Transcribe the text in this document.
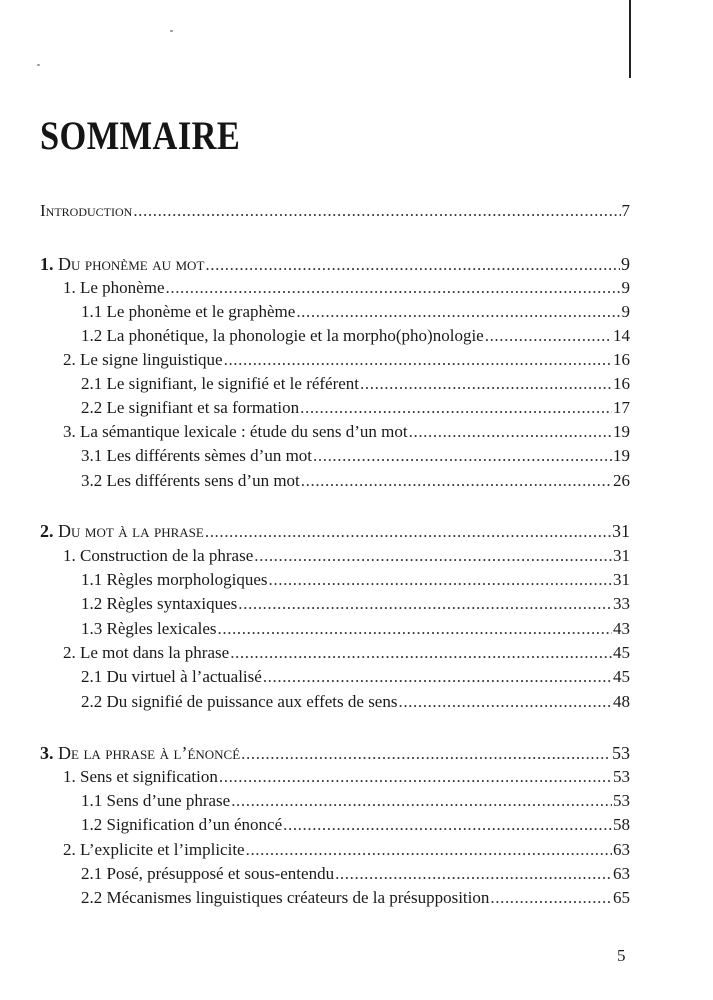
SOMMAIRE
Introduction .....	7
1. Du phonème au mot .....	9
1. Le phonème .....	9
1.1 Le phonème et le graphème .....	9
1.2 La phonétique, la phonologie et la morpho(pho)nologie .....	14
2. Le signe linguistique .....	16
2.1 Le signifiant, le signifié et le référent .....	16
2.2 Le signifiant et sa formation .....	17
3. La sémantique lexicale : étude du sens d’un mot .....	19
3.1 Les différents sèmes d’un mot .....	19
3.2 Les différents sens d’un mot .....	26
2. Du mot à la phrase .....	31
1. Construction de la phrase .....	31
1.1 Règles morphologiques .....	31
1.2 Règles syntaxiques .....	33
1.3 Règles lexicales .....	43
2. Le mot dans la phrase .....	45
2.1 Du virtuel à l’actualisé .....	45
2.2 Du signifié de puissance aux effets de sens .....	48
3. De la phrase à l’énoncé .....	53
1. Sens et signification .....	53
1.1 Sens d’une phrase .....	53
1.2 Signification d’un énoncé .....	58
2. L’explicite et l’implicite .....	63
2.1 Posé, présupposé et sous-entendu .....	63
2.2 Mécanismes linguistiques créateurs de la présupposition .....	65
5
